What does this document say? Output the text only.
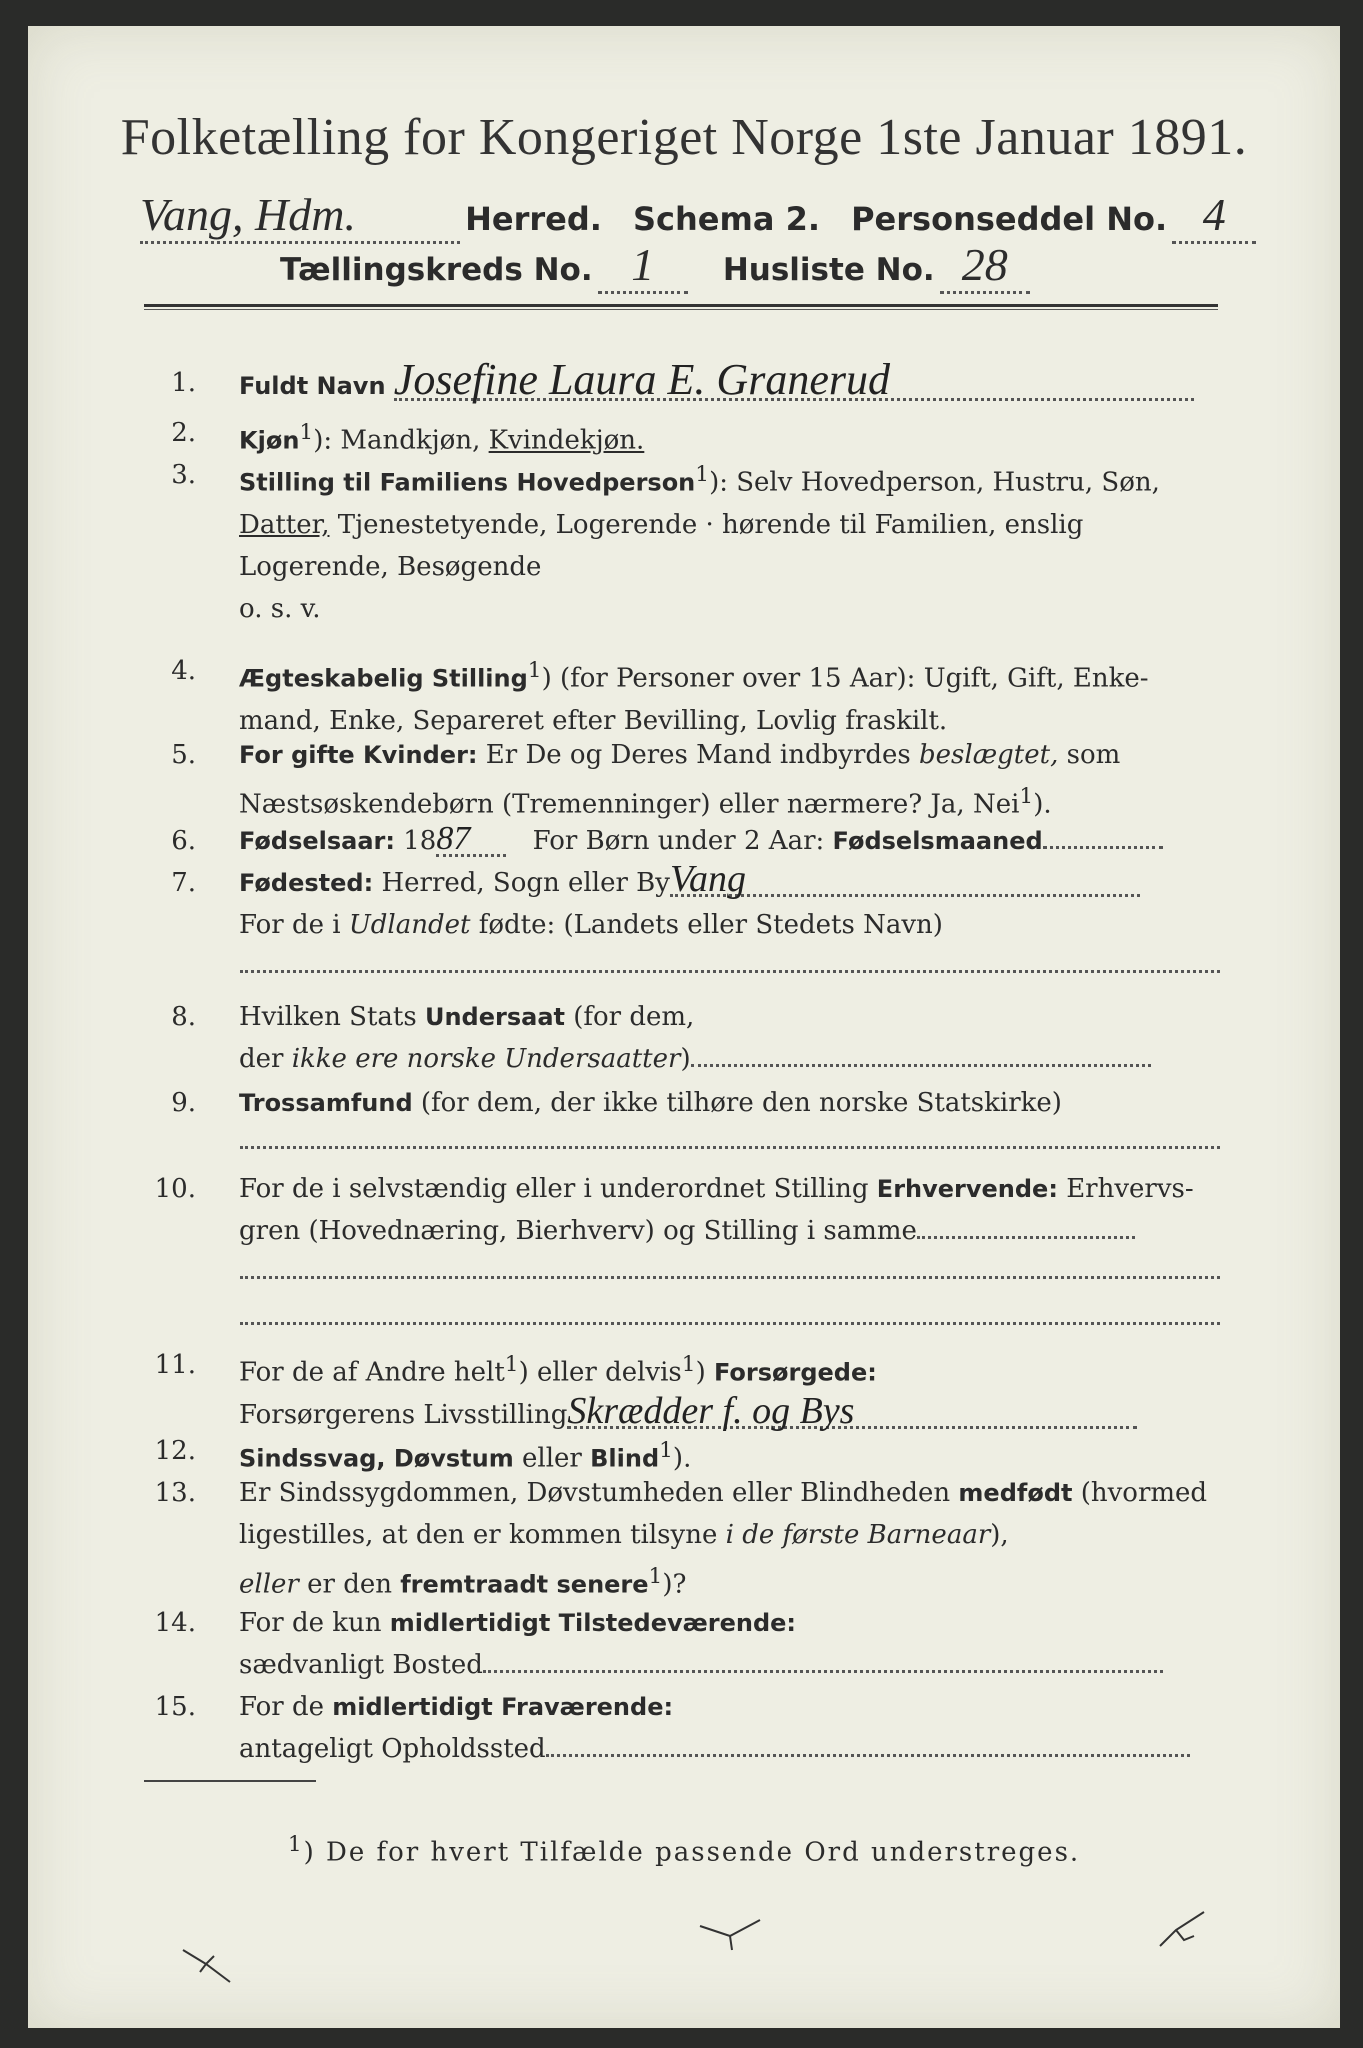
Folketælling for Kongeriget Norge 1ste Januar 1891.
Vang, Hdm.	Herred. Schema 2. Personseddel No. 4
Tællingskreds No. 1 Husliste No. 28
1. Fuldt Navn Josefine Laura E. Granerud
2. Kjøn$^1$): Mandkjøn, Kvindekjøn.
3. Stilling til Familiens Hovedperson$^1$): Selv Hovedperson, Hustru, Søn,
Datter, Tjenestetyende, Logerende · hørende til Familien, enslig
Logerende, Besøgende
o. s. v.
4. Ægteskabelig Stilling$^1$) (for Personer over 15 Aar): Ugift, Gift, Enke-
mand, Enke, Separeret efter Bevilling, Lovlig fraskilt.
5. For gifte Kvinder: Er De og Deres Mand indbyrdes beslægtet, som
Næstsøskendebørn (Tremenninger) eller nærmere? Ja, Nei$^1$).
6. Fødselsaar: 1887 For Børn under 2 Aar: Fødselsmaaned
7. Fødested: Herred, Sogn eller ByVang
For de i Udlandet fødte: (Landets eller Stedets Navn)
8. Hvilken Stats Undersaat (for dem,
der ikke ere norske Undersaatter)
9. Trossamfund (for dem, der ikke tilhøre den norske Statskirke)
10. For de i selvstændig eller i underordnet Stilling Erhvervende: Erhvervs-
gren (Hovednæring, Bierhverv) og Stilling i samme
11. For de af Andre helt$^1$) eller delvis$^1$) Forsørgede:
Forsørgerens LivsstillingSkrædder f. og Bys
12. Sindssvag, Døvstum eller Blind$^1$).
13. Er Sindssygdommen, Døvstumheden eller Blindheden medfødt (hvormed
ligestilles, at den er kommen tilsyne i de første Barneaar),
eller er den fremtraadt senere$^1$)?
14. For de kun midlertidigt Tilstedeværende:
sædvanligt Bosted
15. For de midlertidigt Fraværende:
antageligt Opholdssted
$^1$) De for hvert Tilfælde passende Ord understreges.
